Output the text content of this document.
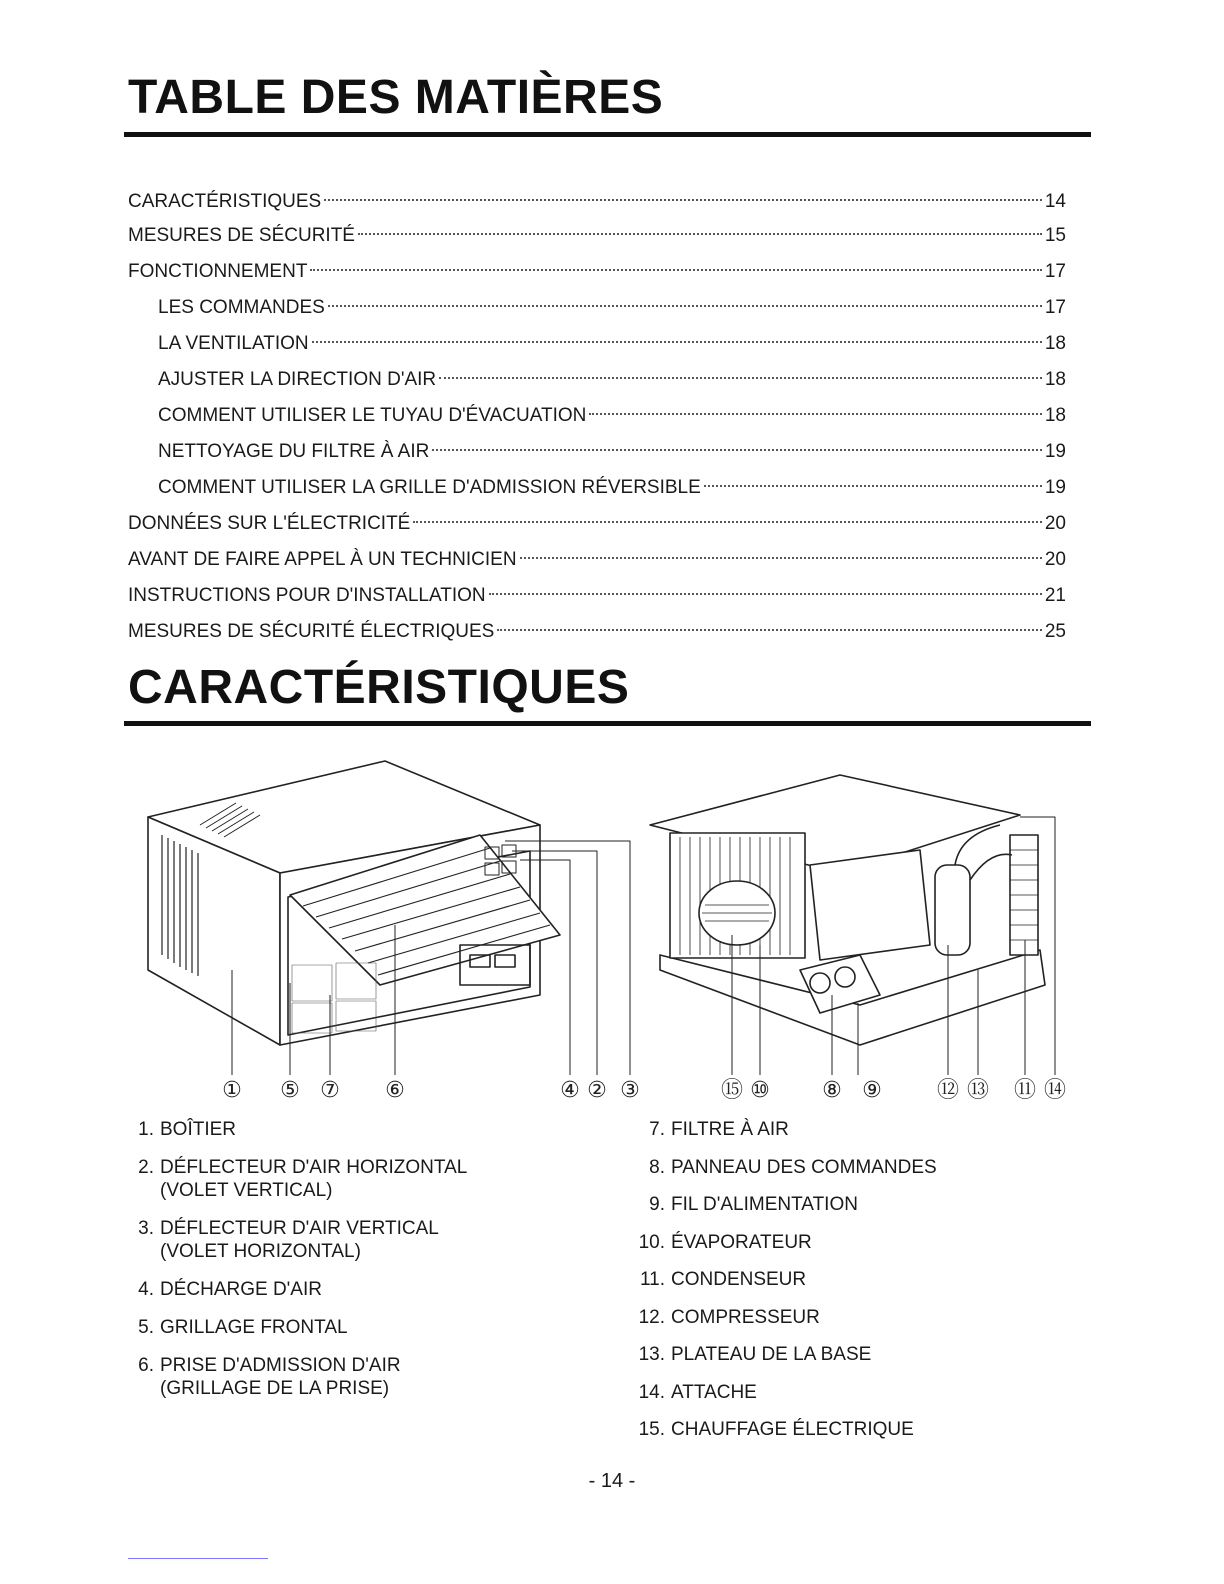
TABLE DES MATIÈRES
CARACTÉRISTIQUES	14
MESURES DE SÉCURITÉ	15
FONCTIONNEMENT	17
LES COMMANDES	17
LA VENTILATION	18
AJUSTER LA DIRECTION D'AIR	18
COMMENT UTILISER LE TUYAU D'ÉVACUATION	18
NETTOYAGE DU FILTRE À AIR	19
COMMENT UTILISER LA GRILLE D'ADMISSION RÉVERSIBLE	19
DONNÉES SUR L'ÉLECTRICITÉ	20
AVANT DE FAIRE APPEL À UN TECHNICIEN	20
INSTRUCTIONS POUR D'INSTALLATION	21
MESURES DE SÉCURITÉ ÉLECTRIQUES	25
CARACTÉRISTIQUES
① ⑤ ⑦ ⑥	④ ② ③	⑮ ⑩ ⑧ ⑨	⑫ ⑬ ⑪ ⑭
1. BOÎTIER
2. DÉFLECTEUR D'AIR HORIZONTAL
(VOLET VERTICAL)
3. DÉFLECTEUR D'AIR VERTICAL
(VOLET HORIZONTAL)
4. DÉCHARGE D'AIR
5. GRILLAGE FRONTAL
6. PRISE D'ADMISSION D'AIR
(GRILLAGE DE LA PRISE)
7. FILTRE À AIR
8. PANNEAU DES COMMANDES
9. FIL D'ALIMENTATION
10. ÉVAPORATEUR
11. CONDENSEUR
12. COMPRESSEUR
13. PLATEAU DE LA BASE
14. ATTACHE
15. CHAUFFAGE ÉLECTRIQUE
- 14 -
